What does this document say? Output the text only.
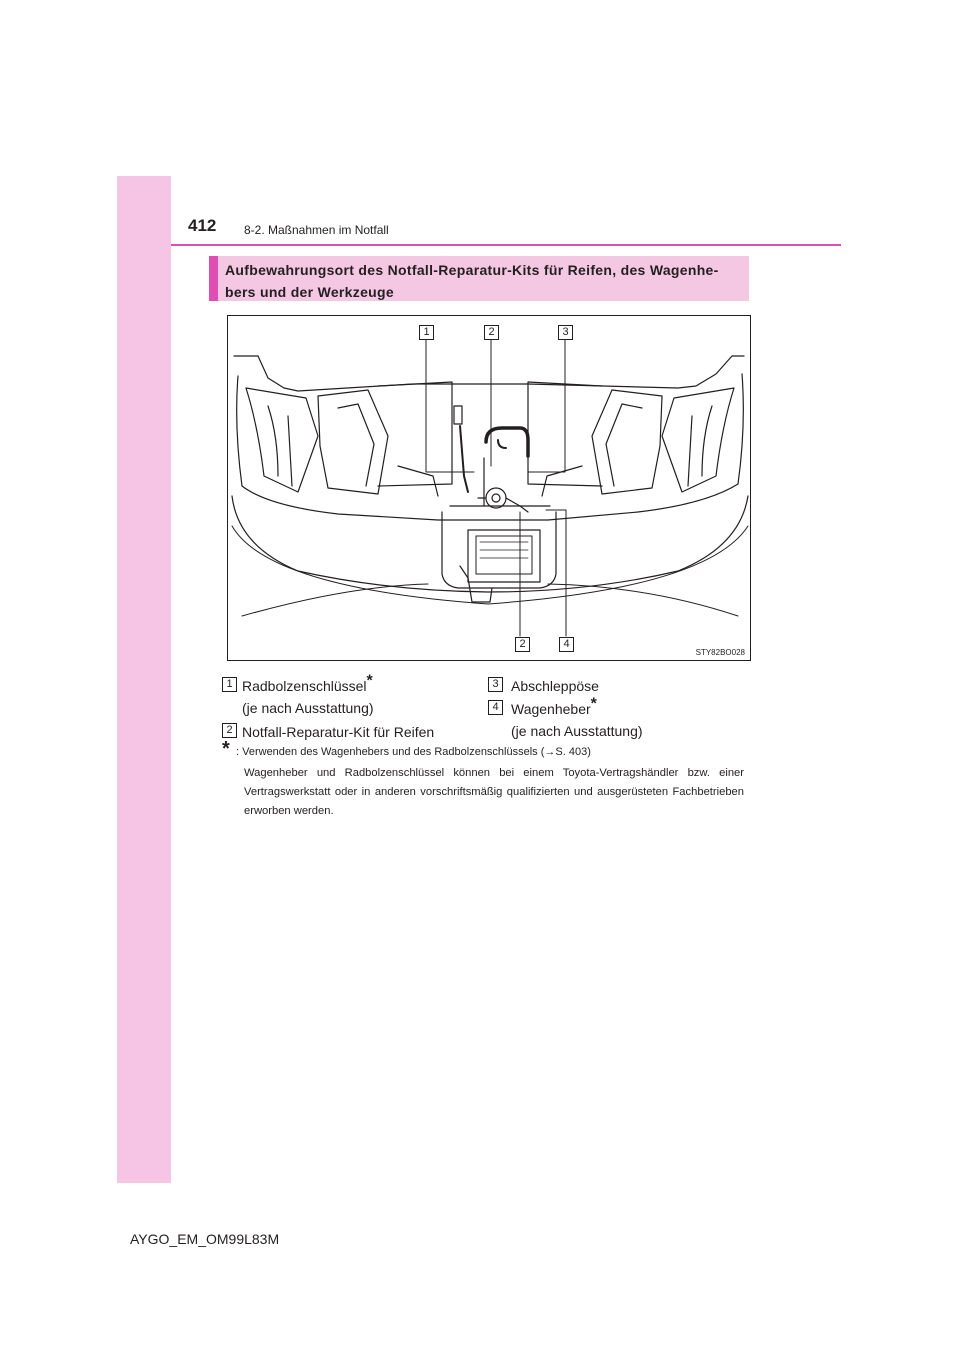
412 8-2. Maßnahmen im Notfall
Aufbewahrungsort des Notfall-Reparatur-Kits für Reifen, des Wagenhe-
bers und der Werkzeuge
1	2	3
2	4
STY82BO028
1 Radbolzenschlüssel*
(je nach Ausstattung)
2 Notfall-Reparatur-Kit für Reifen
3 Abschleppöse
4 Wagenheber*
(je nach Ausstattung)
* : Verwenden des Wagenhebers und des Radbolzenschlüssels (→S. 403)
Wagenheber und Radbolzenschlüssel können bei einem Toyota-Vertragshändler bzw. einer Vertragswerkstatt oder in anderen vorschriftsmäßig qualifizierten und ausgerüsteten Fachbetrieben erworben werden.
AYGO_EM_OM99L83M
